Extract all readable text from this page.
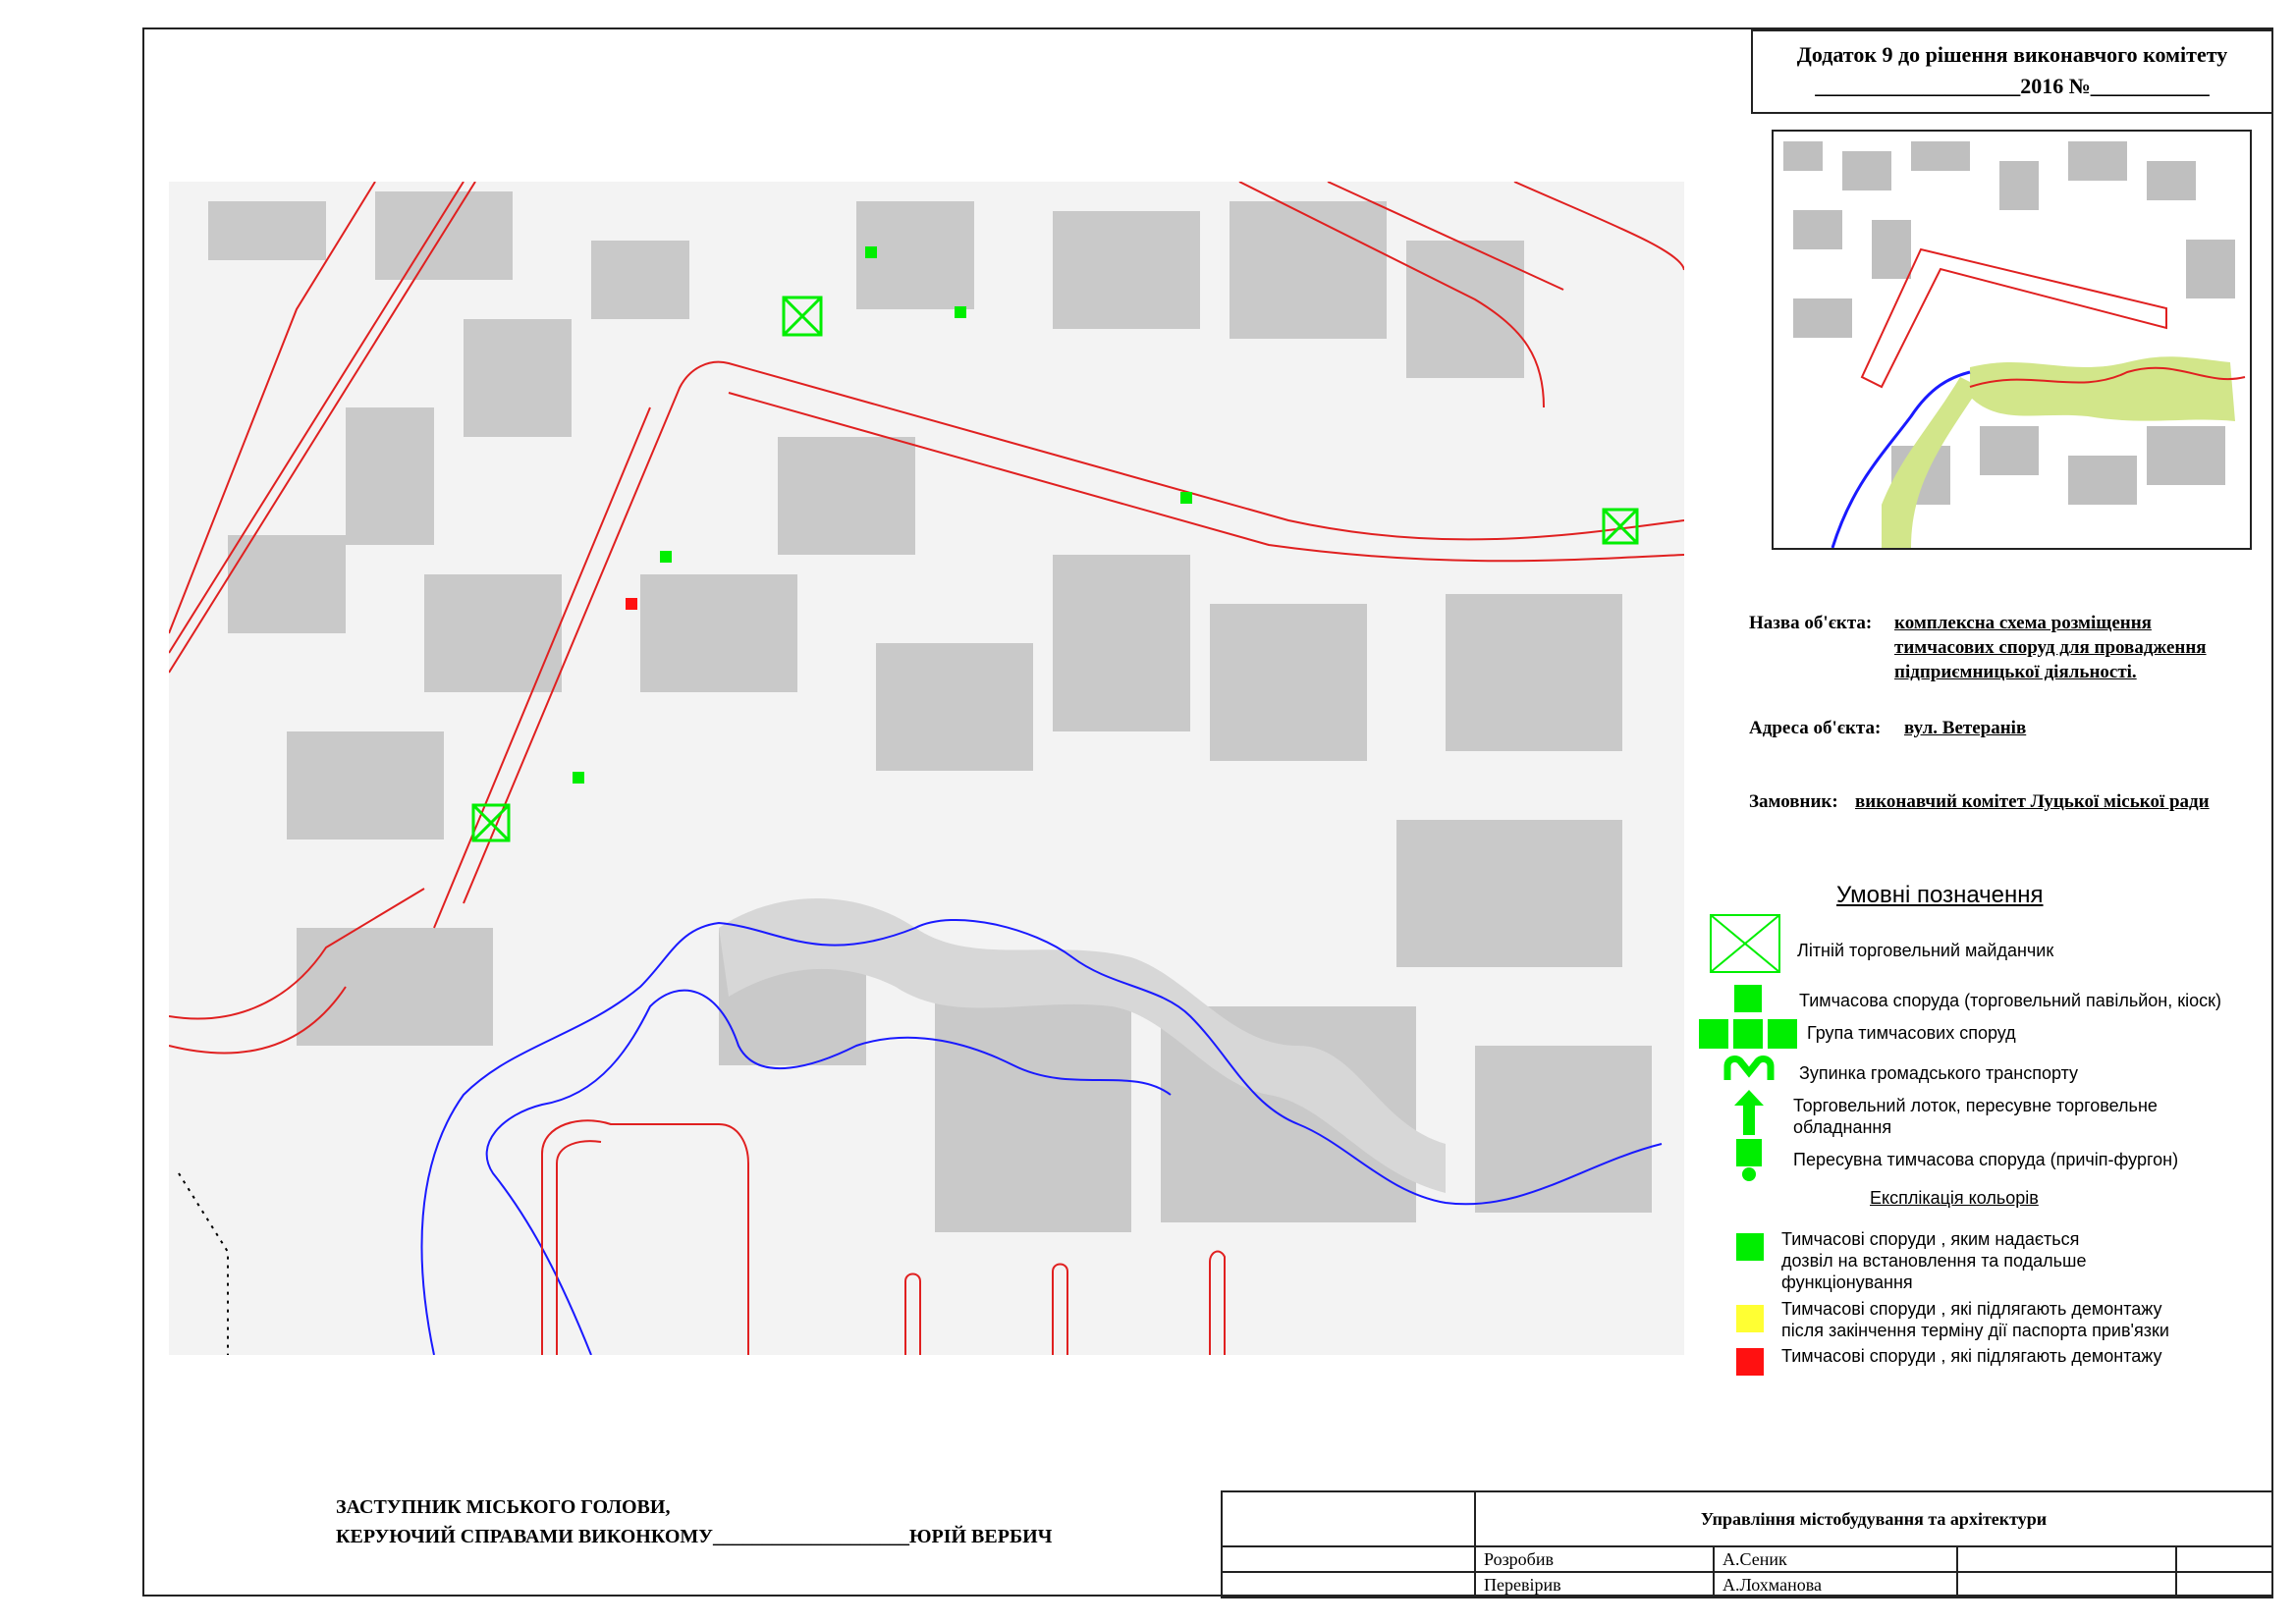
Додаток 9 до рішення виконавчого комітету
___________________2016 №___________
Назва об'єкта: комплексна схема розміщення
тимчасових споруд для провадження
підприємницької діяльності.
Адреса об'єкта: вул. Ветеранів
Замовник: виконавчий комітет Луцької міської ради
Умовні позначення
Літній торговельний майданчик
Тимчасова споруда (торговельний павільйон, кіоск)
Група тимчасових споруд
Зупинка громадського транспорту
Торговельний лоток, пересувне торговельне
обладнання
Пересувна тимчасова споруда (причіп-фургон)
Експлікація кольорів
Тимчасові споруди , яким надається
дозвіл на встановлення та подальше
функціонування
Тимчасові споруди , які підлягають демонтажу
після закінчення терміну дії паспорта прив'язки
Тимчасові споруди , які підлягають демонтажу
ЗАСТУПНИК МІСЬКОГО ГОЛОВИ,
КЕРУЮЧИЙ СПРАВАМИ ВИКОНКОМУ____________________ЮРІЙ ВЕРБИЧ
	Управління містобудування та архітектури			
	Розробив	А.Сеник		
	Перевірив	А.Лохманова		
